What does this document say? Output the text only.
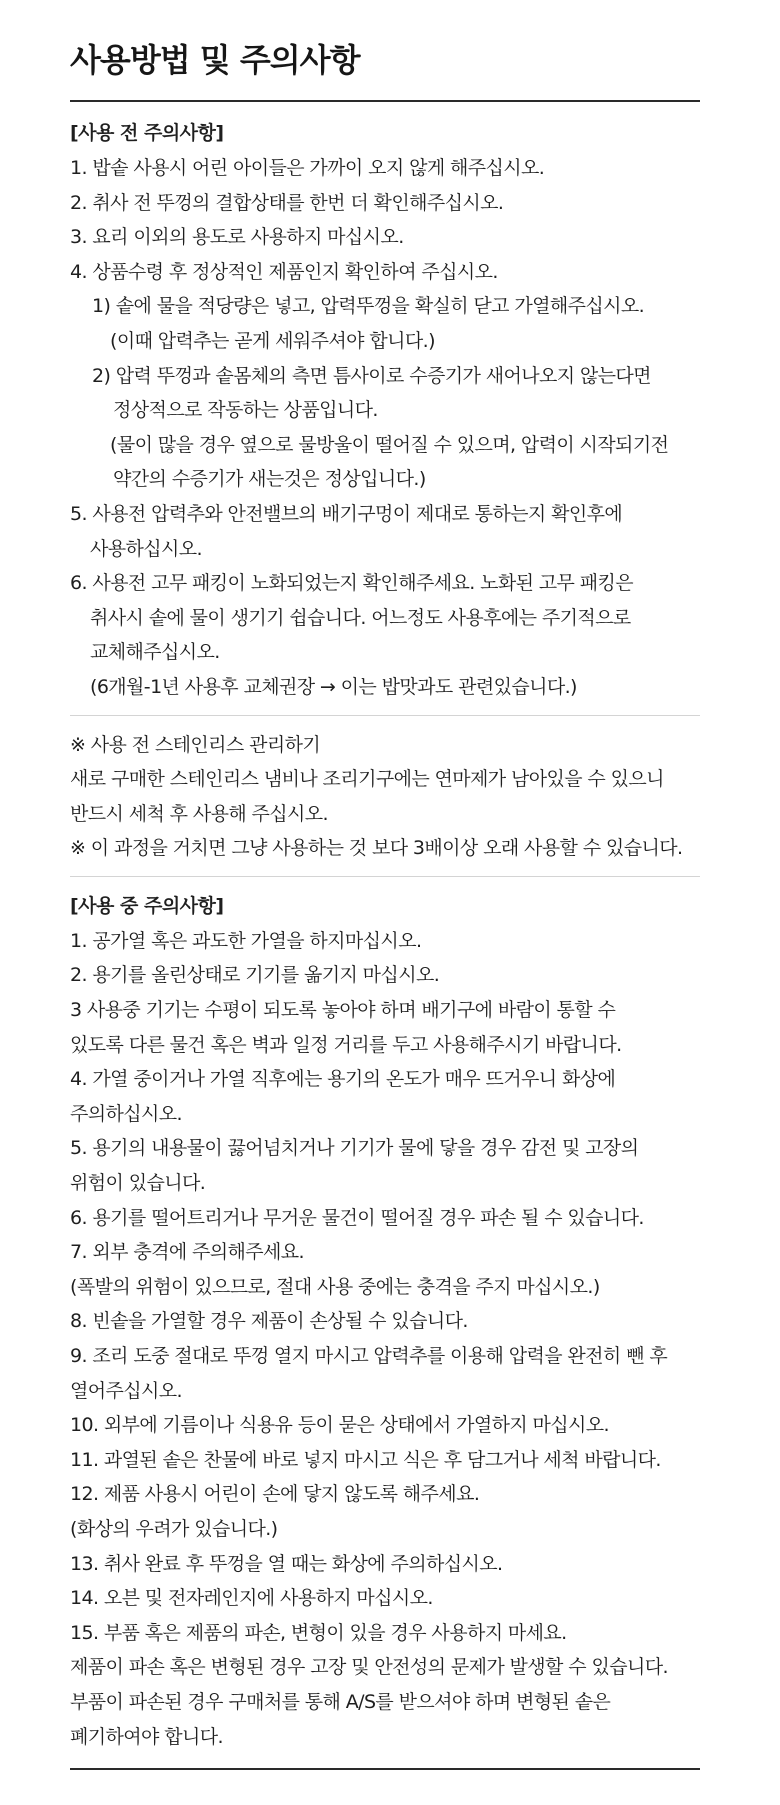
사용방법 및 주의사항
[사용 전 주의사항]
1. 밥솥 사용시 어린 아이들은 가까이 오지 않게 해주십시오.
2. 취사 전 뚜껑의 결합상태를 한번 더 확인해주십시오.
3. 요리 이외의 용도로 사용하지 마십시오.
4. 상품수령 후 정상적인 제품인지 확인하여 주십시오.
1) 솥에 물을 적당량은 넣고, 압력뚜껑을 확실히 닫고 가열해주십시오.
(이때 압력추는 곧게 세워주셔야 합니다.)
2) 압력 뚜껑과 솥몸체의 측면 틈사이로 수증기가 새어나오지 않는다면
정상적으로 작동하는 상품입니다.
(물이 많을 경우 옆으로 물방울이 떨어질 수 있으며, 압력이 시작되기전
약간의 수증기가 새는것은 정상입니다.)
5. 사용전 압력추와 안전밸브의 배기구멍이 제대로 통하는지 확인후에
사용하십시오.
6. 사용전 고무 패킹이 노화되었는지 확인해주세요. 노화된 고무 패킹은
취사시 솥에 물이 생기기 쉽습니다. 어느정도 사용후에는 주기적으로
교체해주십시오.
(6개월-1년 사용후 교체권장 → 이는 밥맛과도 관련있습니다.)
※ 사용 전 스테인리스 관리하기
새로 구매한 스테인리스 냄비나 조리기구에는 연마제가 남아있을 수 있으니
반드시 세척 후 사용해 주십시오.
※ 이 과정을 거치면 그냥 사용하는 것 보다 3배이상 오래 사용할 수 있습니다.
[사용 중 주의사항]
1. 공가열 혹은 과도한 가열을 하지마십시오.
2. 용기를 올린상태로 기기를 옮기지 마십시오.
3 사용중 기기는 수평이 되도록 놓아야 하며 배기구에 바람이 통할 수
있도록 다른 물건 혹은 벽과 일정 거리를 두고 사용해주시기 바랍니다.
4. 가열 중이거나 가열 직후에는 용기의 온도가 매우 뜨거우니 화상에
주의하십시오.
5. 용기의 내용물이 끓어넘치거나 기기가 물에 닿을 경우 감전 및 고장의
위험이 있습니다.
6. 용기를 떨어트리거나 무거운 물건이 떨어질 경우 파손 될 수 있습니다.
7. 외부 충격에 주의해주세요.
(폭발의 위험이 있으므로, 절대 사용 중에는 충격을 주지 마십시오.)
8. 빈솥을 가열할 경우 제품이 손상될 수 있습니다.
9. 조리 도중 절대로 뚜껑 열지 마시고 압력추를 이용해 압력을 완전히 뺀 후
열어주십시오.
10. 외부에 기름이나 식용유 등이 묻은 상태에서 가열하지 마십시오.
11. 과열된 솥은 찬물에 바로 넣지 마시고 식은 후 담그거나 세척 바랍니다.
12. 제품 사용시 어린이 손에 닿지 않도록 해주세요.
(화상의 우려가 있습니다.)
13. 취사 완료 후 뚜껑을 열 때는 화상에 주의하십시오.
14. 오븐 및 전자레인지에 사용하지 마십시오.
15. 부품 혹은 제품의 파손, 변형이 있을 경우 사용하지 마세요.
제품이 파손 혹은 변형된 경우 고장 및 안전성의 문제가 발생할 수 있습니다.
부품이 파손된 경우 구매처를 통해 A/S를 받으셔야 하며 변형된 솥은
폐기하여야 합니다.
